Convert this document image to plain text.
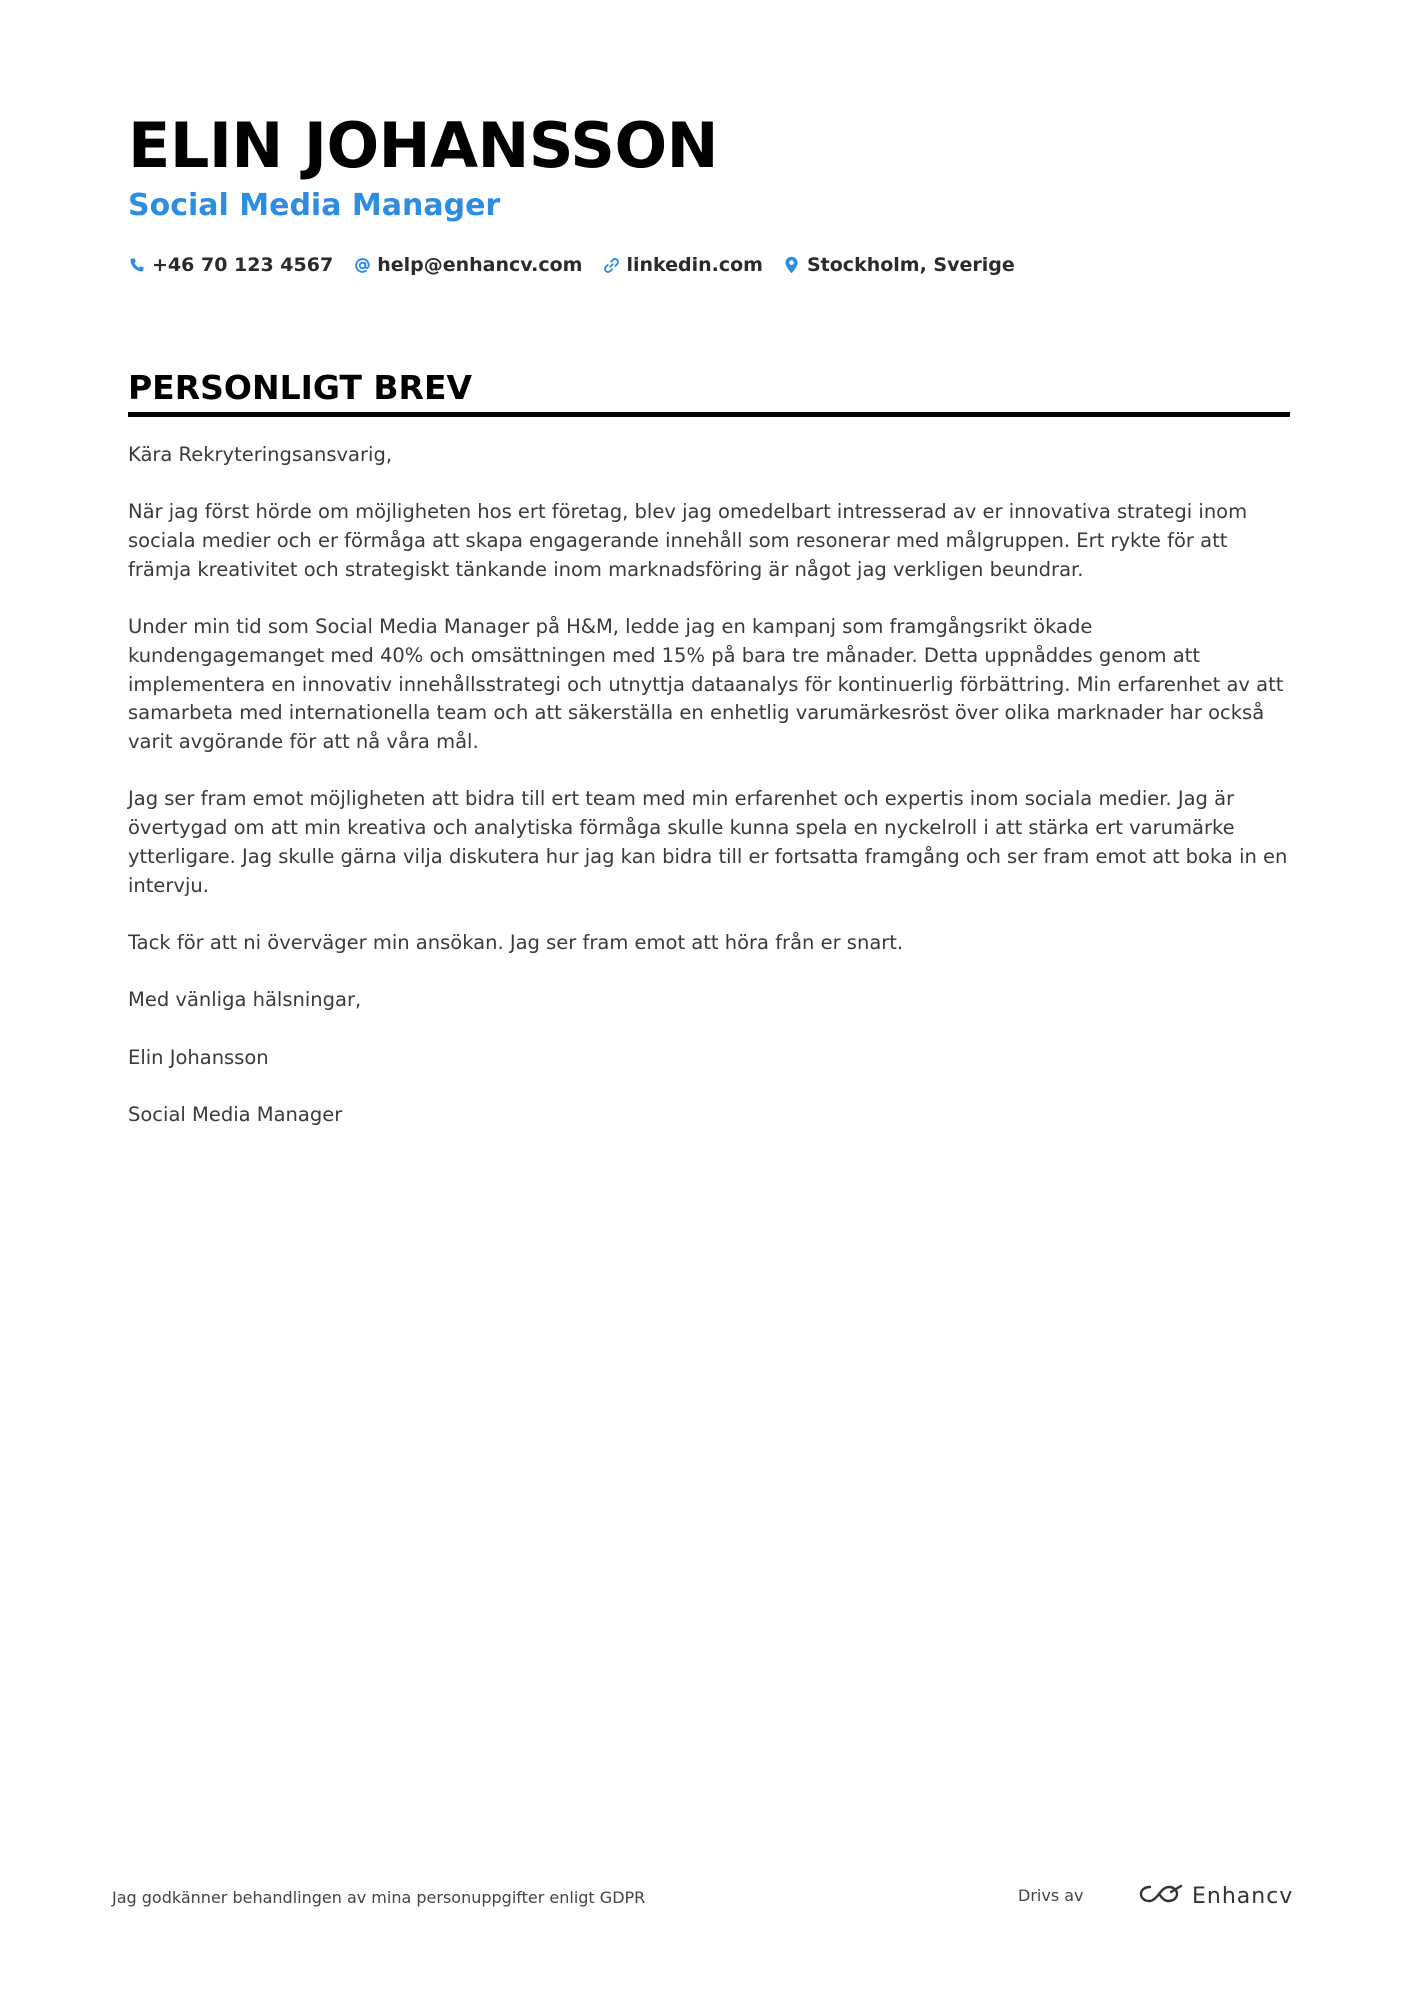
ELIN JOHANSSON
Social Media Manager
+46 70 123 4567 help@enhancv.com linkedin.com Stockholm, Sverige
PERSONLIGT BREV

Kära Rekryteringsansvarig,

När jag först hörde om möjligheten hos ert företag, blev jag omedelbart intresserad av er innovativa strategi inom sociala medier och er förmåga att skapa engagerande innehåll som resonerar med målgruppen. Ert rykte för att främja kreativitet och strategiskt tänkande inom marknadsföring är något jag verkligen beundrar.

Under min tid som Social Media Manager på H&M, ledde jag en kampanj som framgångsrikt ökade kundengagemanget med 40% och omsättningen med 15% på bara tre månader. Detta uppnåddes genom att implementera en innovativ innehållsstrategi och utnyttja dataanalys för kontinuerlig förbättring. Min erfarenhet av att samarbeta med internationella team och att säkerställa en enhetlig varumärkesröst över olika marknader har också varit avgörande för att nå våra mål.

Jag ser fram emot möjligheten att bidra till ert team med min erfarenhet och expertis inom sociala medier. Jag är övertygad om att min kreativa och analytiska förmåga skulle kunna spela en nyckelroll i att stärka ert varumärke ytterligare. Jag skulle gärna vilja diskutera hur jag kan bidra till er fortsatta framgång och ser fram emot att boka in en intervju.

Tack för att ni överväger min ansökan. Jag ser fram emot att höra från er snart.

Med vänliga hälsningar,

Elin Johansson

Social Media Manager

Jag godkänner behandlingen av mina personuppgifter enligt GDPR	Drivs av	Enhancv
